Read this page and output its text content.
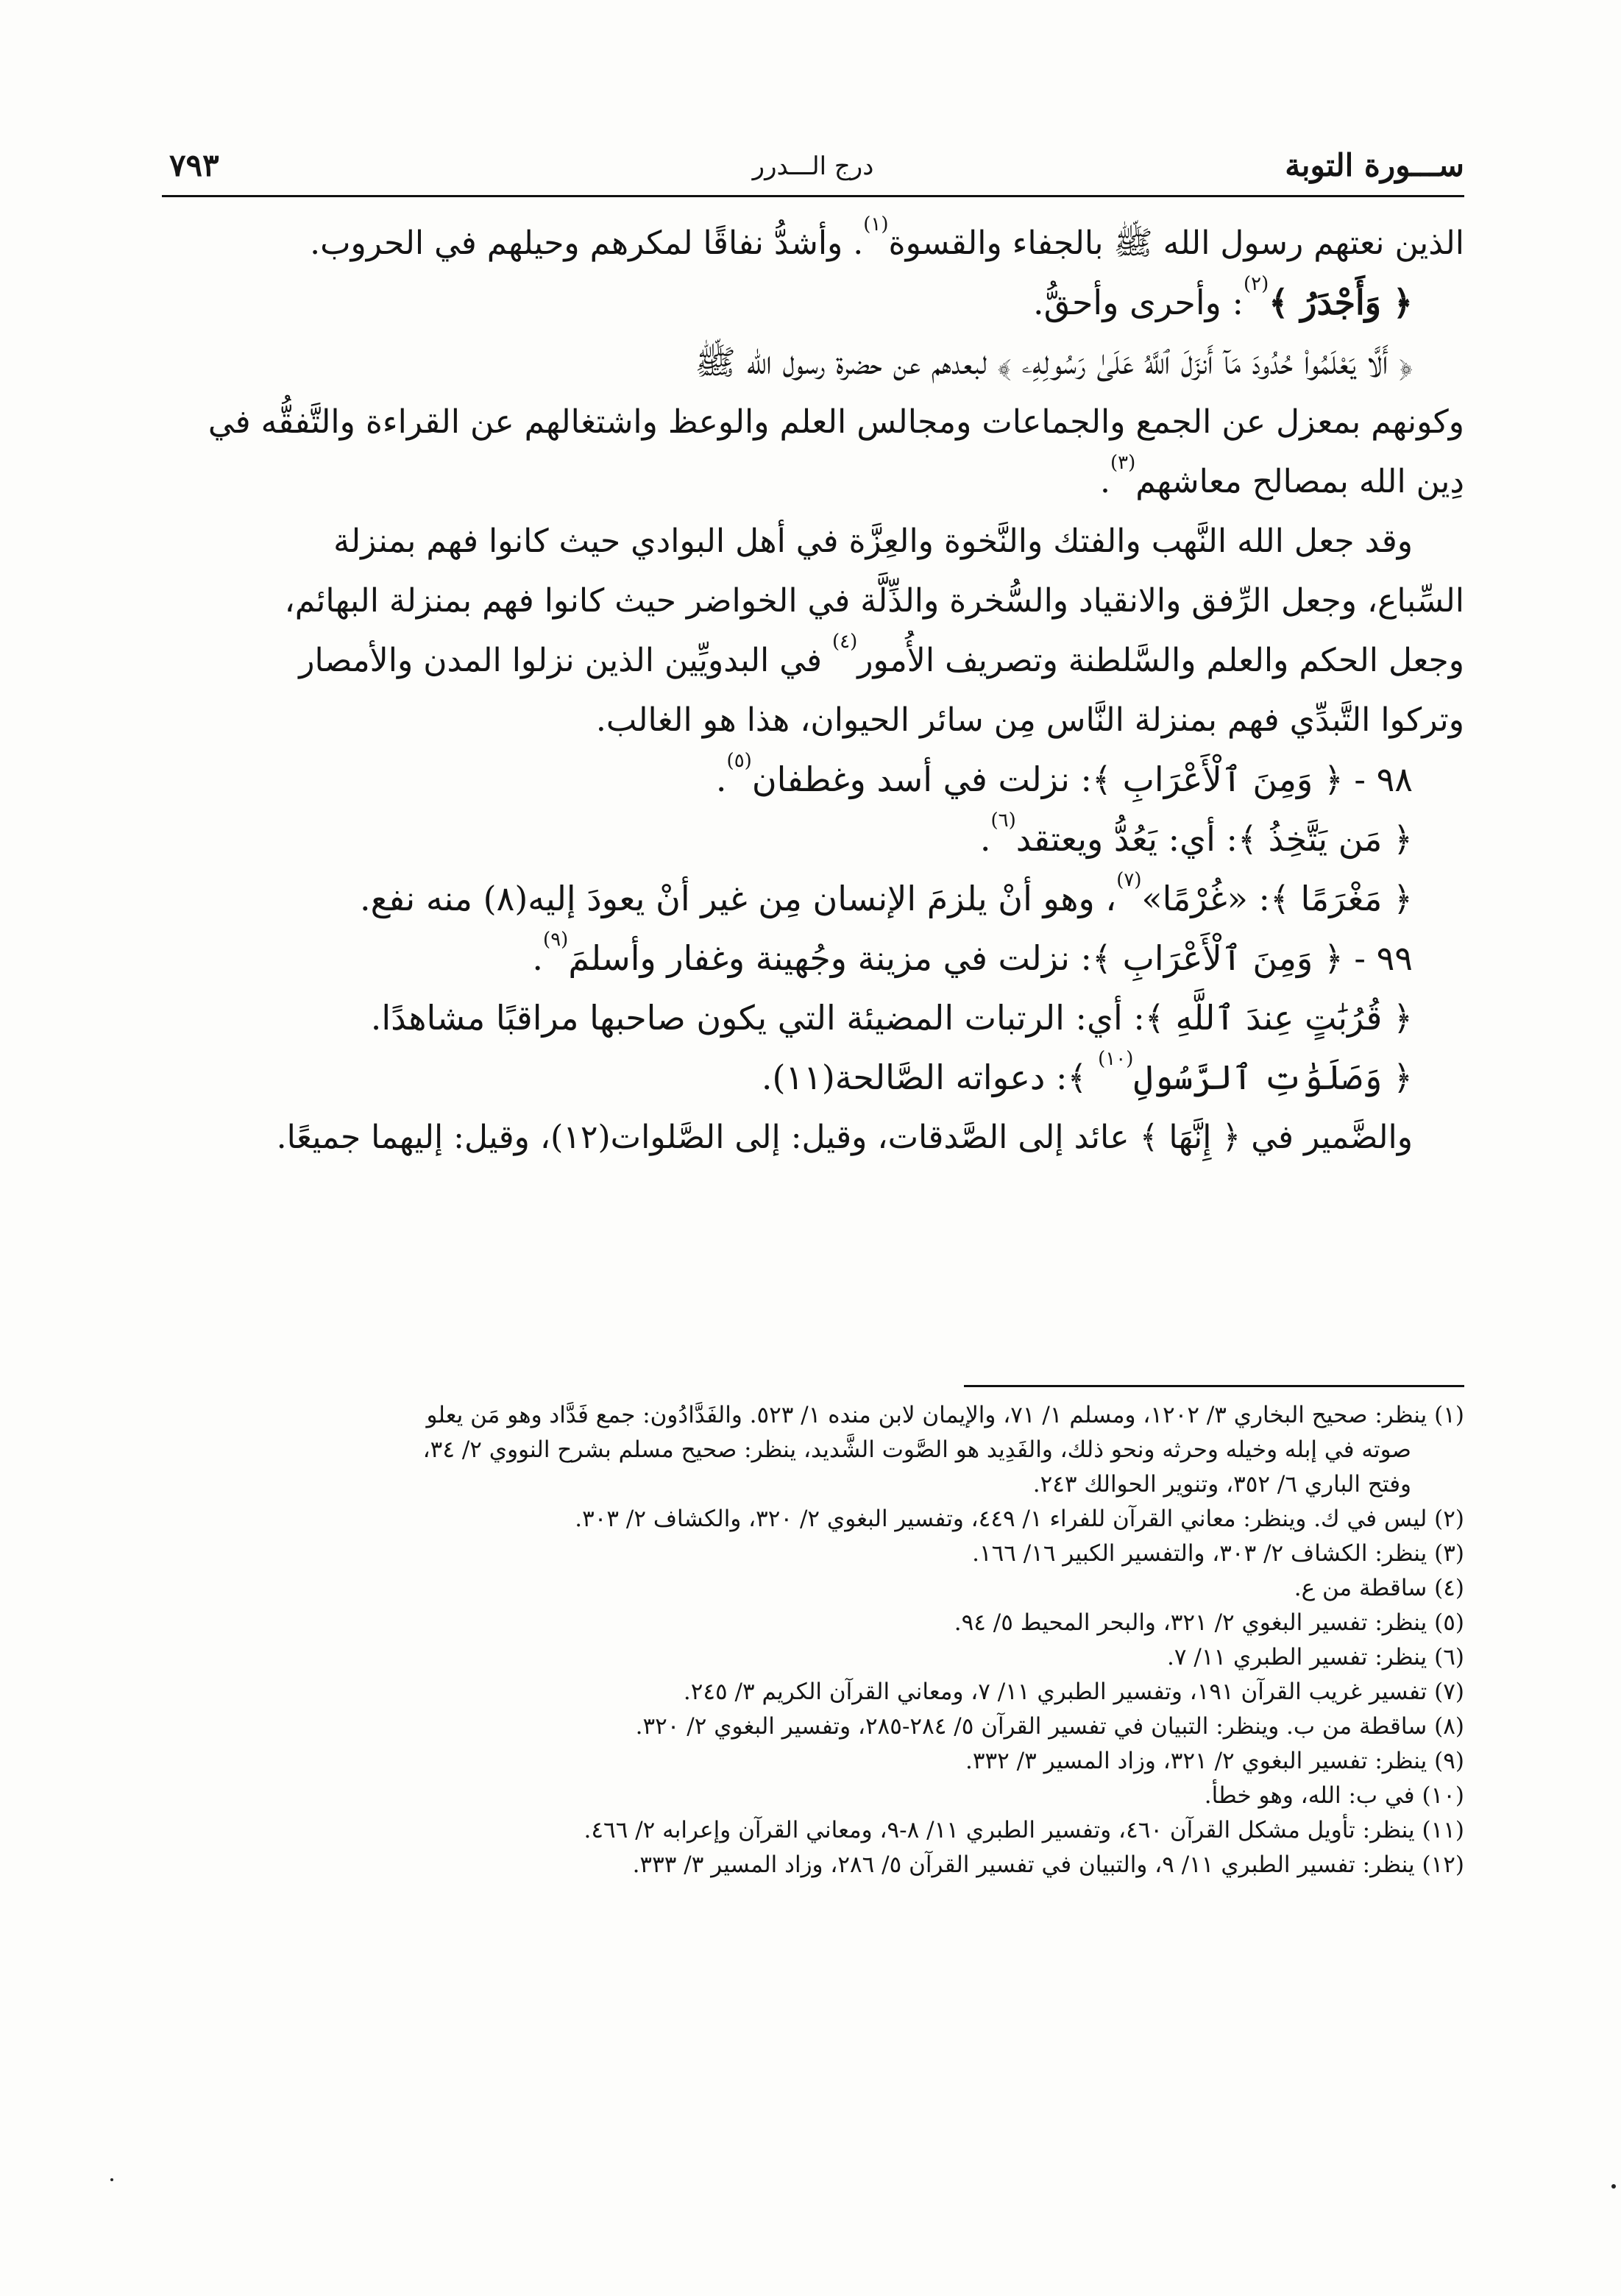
ســـورة التوبة
درج الـــدرر
٧٩٣
الذين نعتهم رسول الله ﷺ بالجفاء والقسوة$^{(١)}$. وأشدُّ نفاقًا لمكرهم وحيلهم في الحروب.
﴿ وَأَجْدَرُ ﴾$^{(٢)}$: وأحرى وأحقُّ.
﴿ أَلَّا يَعْلَمُواْ حُدُودَ مَآ أَنزَلَ ٱللَّهُ عَلَىٰ رَسُولِهِۦ ﴾ لبعدهم عن حضرة رسول الله ﷺ
وكونهم بمعزل عن الجمع والجماعات ومجالس العلم والوعظ واشتغالهم عن القراءة والتَّفقُّه في
دِين الله بمصالح معاشهم$^{(٣)}$.
وقد جعل الله النَّهب والفتك والنَّخوة والعِزَّة في أهل البوادي حيث كانوا فهم بمنزلة
السِّباع، وجعل الرِّفق والانقياد والسُّخرة والذِّلَّة في الخواضر حيث كانوا فهم بمنزلة البهائم،
وجعل الحكم والعلم والسَّلطنة وتصريف الأُمور$^{(٤)}$ في البدويِّين الذين نزلوا المدن والأمصار
وتركوا التَّبدِّي فهم بمنزلة النَّاس مِن سائر الحيوان، هذا هو الغالب.
٩٨ - ﴿ وَمِنَ ٱلْأَعْرَابِ ﴾: نزلت في أسد وغطفان$^{(٥)}$.
﴿ مَن يَتَّخِذُ ﴾: أي: يَعُدُّ ويعتقد$^{(٦)}$.
﴿ مَغْرَمًا ﴾: «غُرْمًا»$^{(٧)}$، وهو أنْ يلزمَ الإنسان مِن غير أنْ يعودَ إليه(٨) منه نفع.
٩٩ - ﴿ وَمِنَ ٱلْأَعْرَابِ ﴾: نزلت في مزينة وجُهينة وغفار وأسلمَ$^{(٩)}$.
﴿ قُرُبَٰتٍ عِندَ ٱللَّهِ ﴾: أي: الرتبات المضيئة التي يكون صاحبها مراقبًا مشاهدًا.
﴿ وَصَلَوَٰتِ ٱلرَّسُولِ$^{(١٠)}$ ﴾: دعواته الصَّالحة(١١).
والضَّمير في ﴿ إِنَّهَا ﴾ عائد إلى الصَّدقات، وقيل: إلى الصَّلوات(١٢)، وقيل: إليهما جميعًا.
(١) ينظر: صحيح البخاري ٣/ ١٢٠٢، ومسلم ١/ ٧١، والإيمان لابن منده ١/ ٥٢٣. والفَدَّادُون: جمع فَدَّاد وهو مَن يعلو
صوته في إبله وخيله وحرثه ونحو ذلك، والفَدِيد هو الصَّوت الشَّديد، ينظر: صحيح مسلم بشرح النووي ٢/ ٣٤،
وفتح الباري ٦/ ٣٥٢، وتنوير الحوالك ٢٤٣.
(٢) ليس في ك. وينظر: معاني القرآن للفراء ١/ ٤٤٩، وتفسير البغوي ٢/ ٣٢٠، والكشاف ٢/ ٣٠٣.
(٣) ينظر: الكشاف ٢/ ٣٠٣، والتفسير الكبير ١٦/ ١٦٦.
(٤) ساقطة من ع.
(٥) ينظر: تفسير البغوي ٢/ ٣٢١، والبحر المحيط ٥/ ٩٤.
(٦) ينظر: تفسير الطبري ١١/ ٧.
(٧) تفسير غريب القرآن ١٩١، وتفسير الطبري ١١/ ٧، ومعاني القرآن الكريم ٣/ ٢٤٥.
(٨) ساقطة من ب. وينظر: التبيان في تفسير القرآن ٥/ ٢٨٤-٢٨٥، وتفسير البغوي ٢/ ٣٢٠.
(٩) ينظر: تفسير البغوي ٢/ ٣٢١، وزاد المسير ٣/ ٣٣٢.
(١٠) في ب: الله، وهو خطأ.
(١١) ينظر: تأويل مشكل القرآن ٤٦٠، وتفسير الطبري ١١/ ٨-٩، ومعاني القرآن وإعرابه ٢/ ٤٦٦.
(١٢) ينظر: تفسير الطبري ١١/ ٩، والتبيان في تفسير القرآن ٥/ ٢٨٦، وزاد المسير ٣/ ٣٣٣.
